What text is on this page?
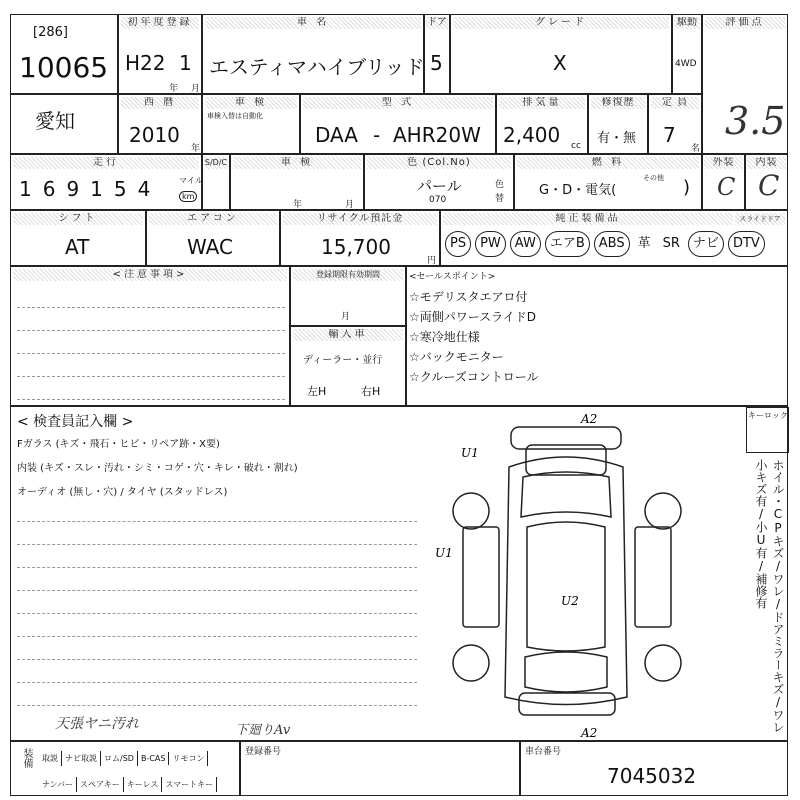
[286]
10065
初年度登録
H22 1
年 月
車 名
エスティマハイブリッド
ドア
5
グレード
X
駆動
4WD
評価点
3.5
愛知
西 暦
2010
年
車 検
車検入替は自動化
型 式
DAA - AHR20W
排気量
2,400 cc
修復歴
有・無
定 員
7
名
走行
169154 マイル
km
S/D/C	車 検
年	月
色 (Col.No)
パール
070
色
替
燃 料
G・D・電気(
その他 )
外装
C
内装
C
シフト
AT
エアコン
WAC
リサイクル預託金
15,700
円
純正装備品	スライドドア
PS PW AW エアB ABS 革 SR ナビ DTV
<注意事項>	登録期限有効期間
月
輸入車
ディーラー・並行
左H	右H
<セールスポイント>
☆モデリスタエアロ付
☆両側パワースライドD
☆寒冷地仕様
☆バックモニター
☆クルーズコントロール
< 検査員記入欄 >
Fガラス (キズ・飛石・ヒビ・リペア跡・X要)
内装 (キズ・スレ・汚れ・シミ・コゲ・穴・キレ・破れ・割れ)
オーディオ (無し・穴) / タイヤ (スタッドレス)
天張ヤニ汚れ	下廻りAv
A2
A2
U1
U1
U2
キーロック
ホイル・CPキズ/ワレ/ドアミラーキズ/ワレ 小キズ有/小U有/補修有
装備	取説 ナビ取説 ロム/SD B-CAS リモコン
ナンバー スペアキー キーレス スマートキー
登録番号	車台番号
7045032
